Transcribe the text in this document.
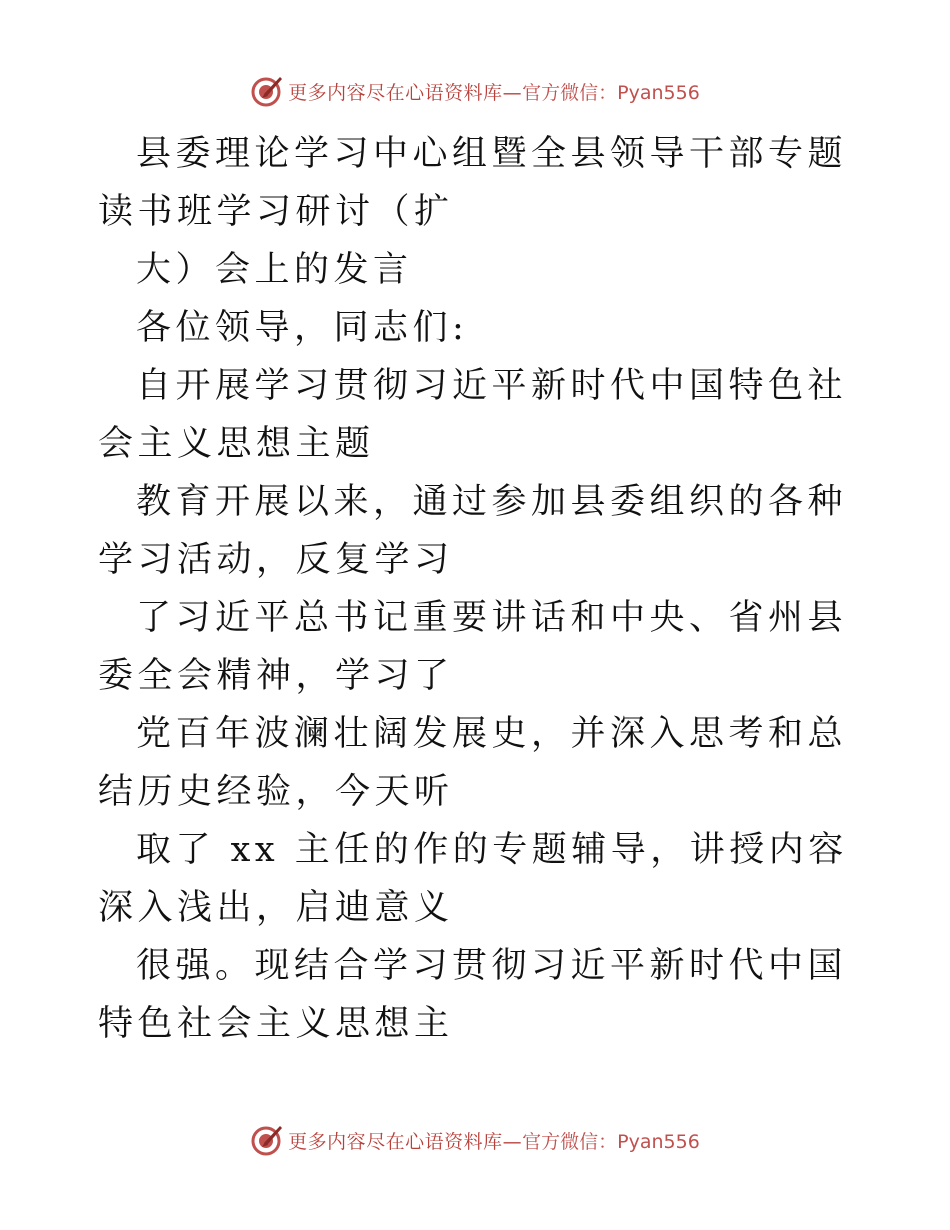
更多内容尽在心语资料库— 官方微信：Pyan556

县委理论学习中心组暨全县领导干部专题读书班学习研讨（扩

大）会上的发言

各位领导，同志们:

自开展学习贯彻习近平新时代中国特色社会主义思想主题

教育开展以来，通过参加县委组织的各种学习活动，反复学习

了习近平总书记重要讲话和中央、省州县委全会精神，学习了

党百年波澜壮阔发展史，并深入思考和总结历史经验，今天听

取了 xx 主任的作的专题辅导，讲授内容深入浅出，启迪意义

很强。现结合学习贯彻习近平新时代中国特色社会主义思想主

更多内容尽在心语资料库— 官方微信：Pyan556
